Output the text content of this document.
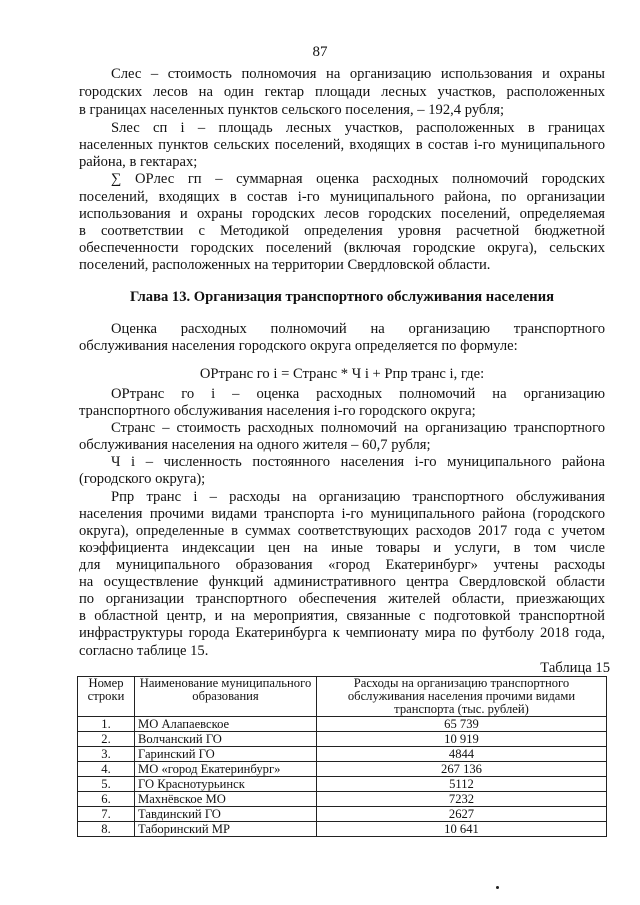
87
Слес – стоимость полномочия на организацию использования и охраны
городских лесов на один гектар площади лесных участков, расположенных
в границах населенных пунктов сельского поселения, – 192,4 рубля;
Sлес сп i – площадь лесных участков, расположенных в границах
населенных пунктов сельских поселений, входящих в состав i-го муниципального
района, в гектарах;
∑ ОРлес гп – суммарная оценка расходных полномочий городских
поселений, входящих в состав i-го муниципального района, по организации
использования и охраны городских лесов городских поселений, определяемая
в соответствии с Методикой определения уровня расчетной бюджетной
обеспеченности городских поселений (включая городские округа), сельских
поселений, расположенных на территории Свердловской области.
Глава 13. Организация транспортного обслуживания населения
Оценка расходных полномочий на организацию транспортного
обслуживания населения городского округа определяется по формуле:
ОРтранс го i = Странс * Ч i + Рпр транс i, где:
ОРтранс го i – оценка расходных полномочий на организацию
транспортного обслуживания населения i-го городского округа;
Странс – стоимость расходных полномочий на организацию транспортного
обслуживания населения на одного жителя – 60,7 рубля;
Ч i – численность постоянного населения i-го муниципального района
(городского округа);
Рпр транс i – расходы на организацию транспортного обслуживания
населения прочими видами транспорта i-го муниципального района (городского
округа), определенные в суммах соответствующих расходов 2017 года с учетом
коэффициента индексации цен на иные товары и услуги, в том числе
для муниципального образования «город Екатеринбург» учтены расходы
на осуществление функций административного центра Свердловской области
по организации транспортного обеспечения жителей области, приезжающих
в областной центр, и на мероприятия, связанные с подготовкой транспортной
инфраструктуры города Екатеринбурга к чемпионату мира по футболу 2018 года,
согласно таблице 15.
Таблица 15
Номер строки	Наименование муниципального образования	Расходы на организацию транспортного обслуживания населения прочими видами транспорта (тыс. рублей)
1.	МО Алапаевское	65 739
2.	Волчанский ГО	10 919
3.	Гаринский ГО	4844
4.	МО «город Екатеринбург»	267 136
5.	ГО Краснотурьинск	5112
6.	Махнёвское МО	7232
7.	Тавдинский ГО	2627
8.	Таборинский МР	10 641
